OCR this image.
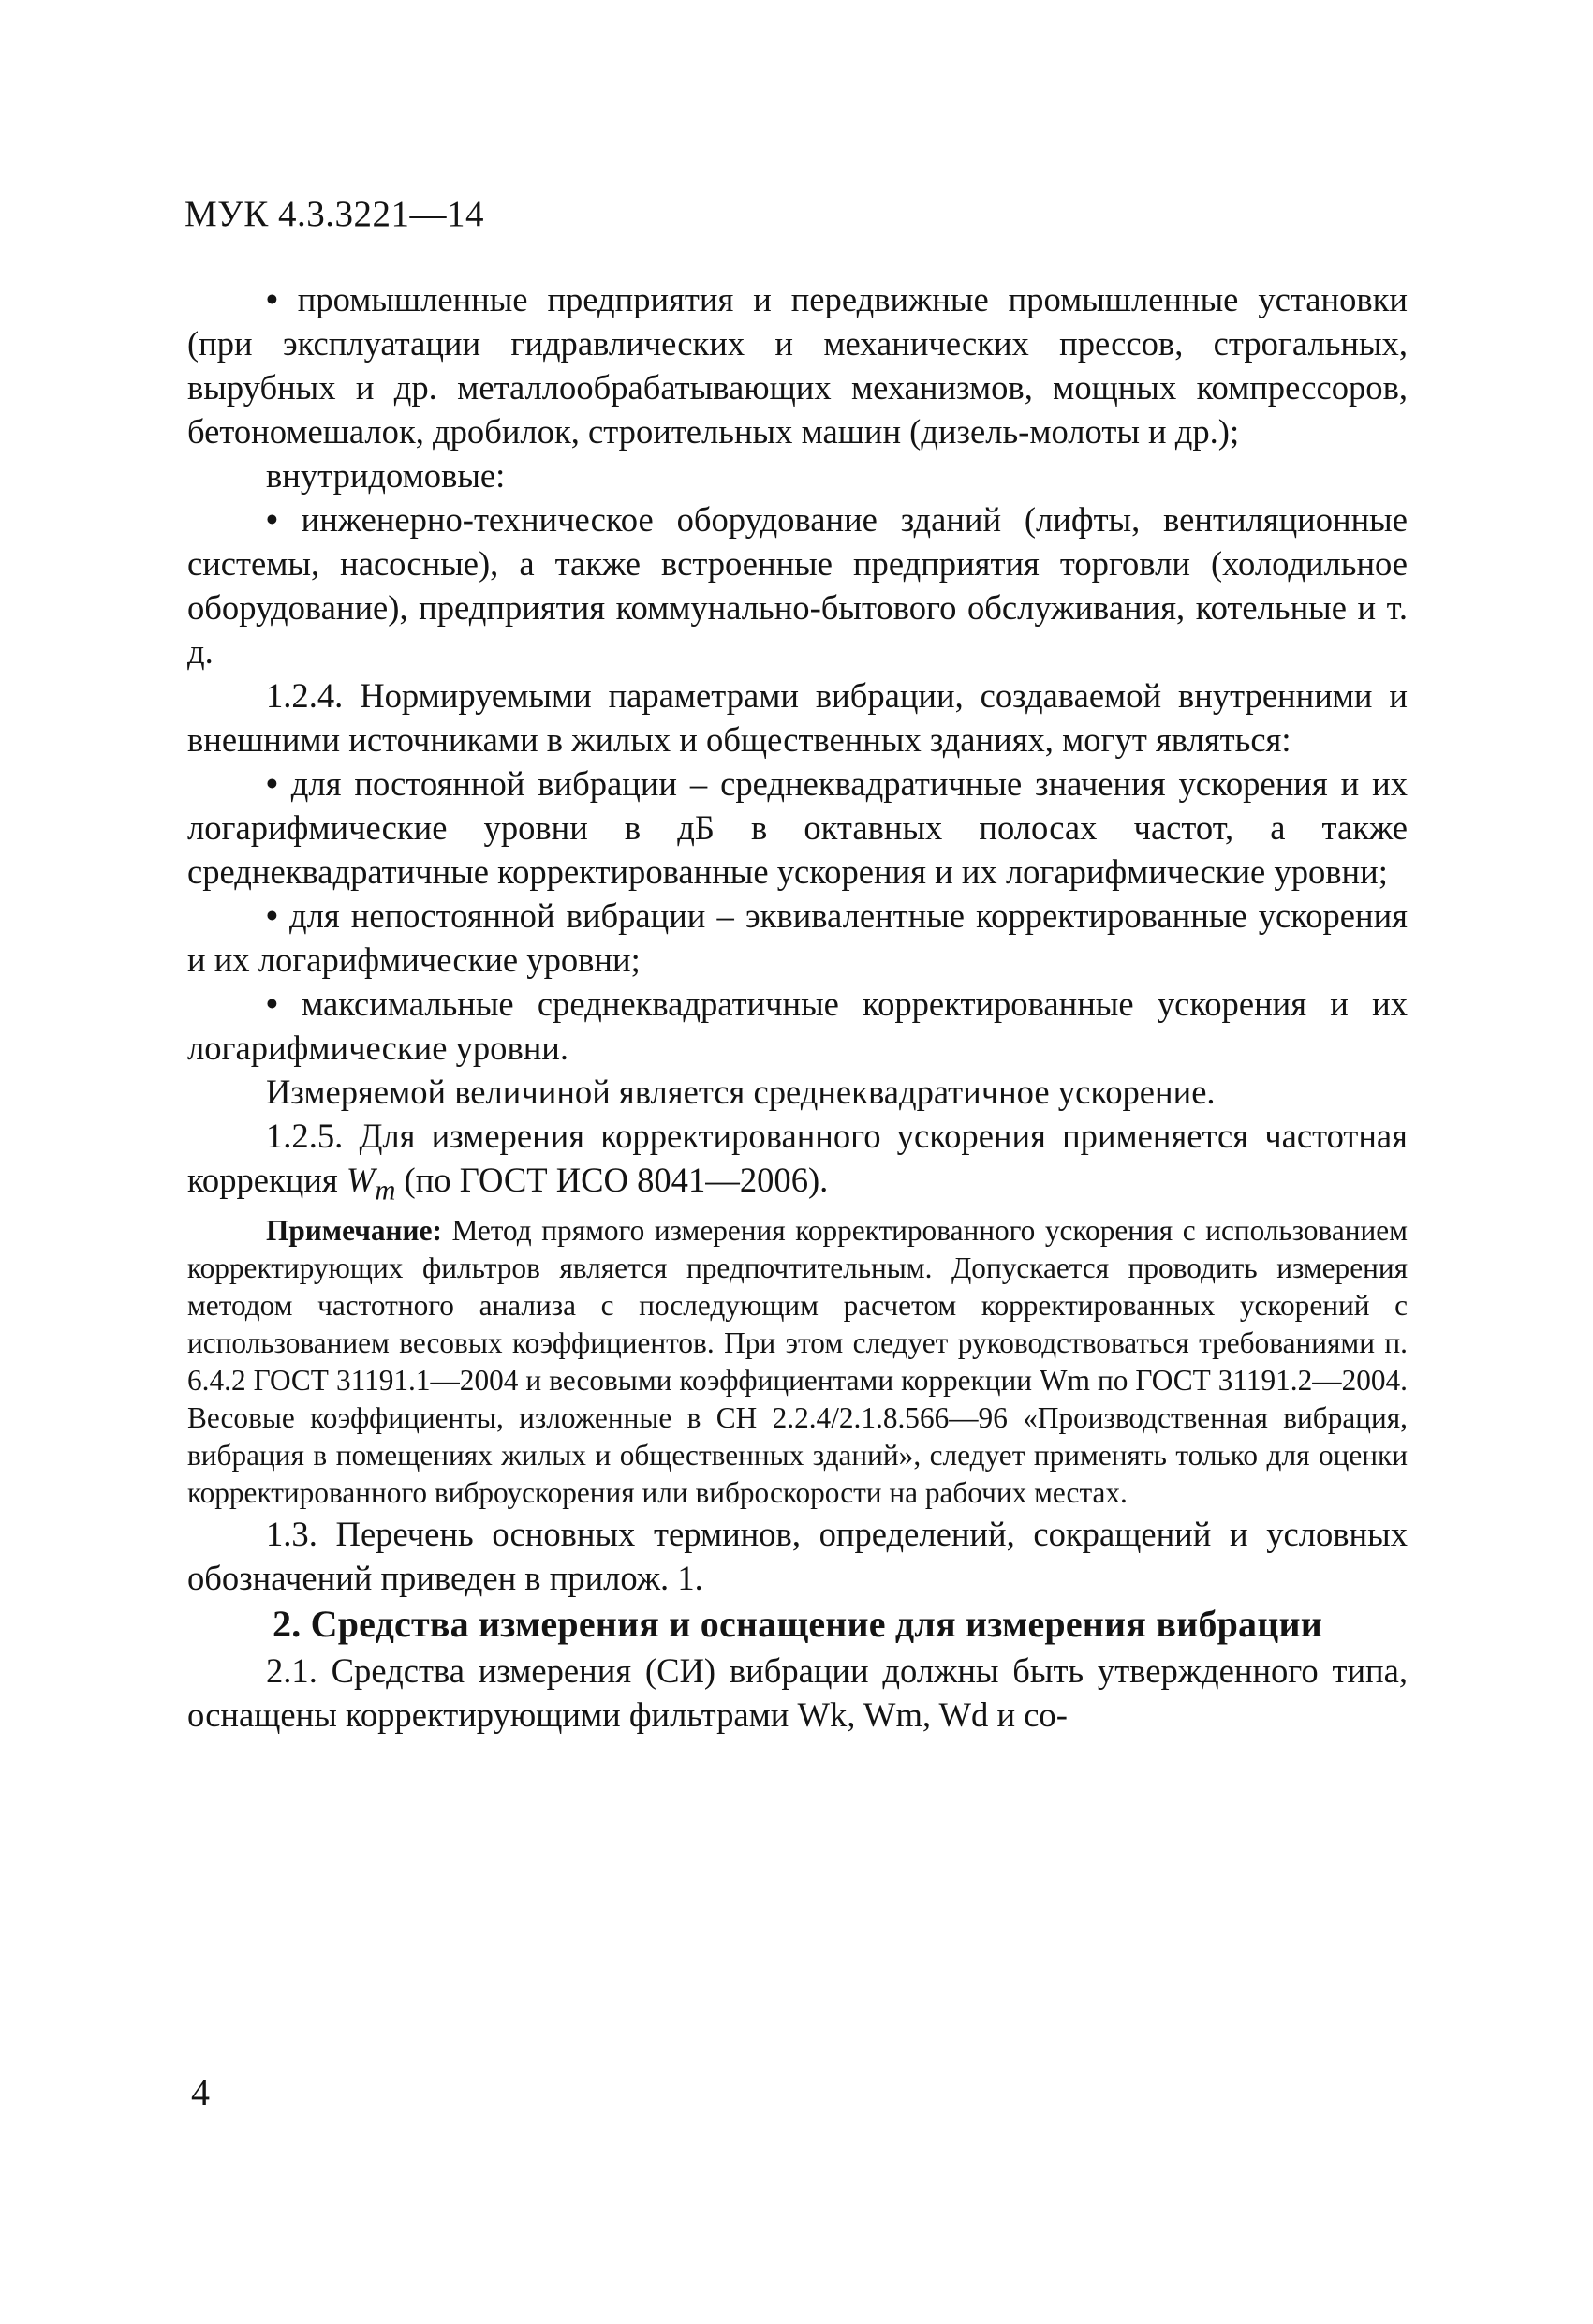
МУК 4.3.3221—14

• промышленные предприятия и передвижные промышленные установки (при эксплуатации гидравлических и механических прессов, строгальных, вырубных и др. металлообрабатывающих механизмов, мощных компрессоров, бетономешалок, дробилок, строительных машин (дизель-молоты и др.);

внутридомовые:

• инженерно-техническое оборудование зданий (лифты, вентиляционные системы, насосные), а также встроенные предприятия торговли (холодильное оборудование), предприятия коммунально-бытового обслуживания, котельные и т. д.

1.2.4. Нормируемыми параметрами вибрации, создаваемой внутренними и внешними источниками в жилых и общественных зданиях, могут являться:

• для постоянной вибрации – среднеквадратичные значения ускорения и их логарифмические уровни в дБ в октавных полосах частот, а также среднеквадратичные корректированные ускорения и их логарифмические уровни;

• для непостоянной вибрации – эквивалентные корректированные ускорения и их логарифмические уровни;

• максимальные среднеквадратичные корректированные ускорения и их логарифмические уровни.

Измеряемой величиной является среднеквадратичное ускорение.

1.2.5. Для измерения корректированного ускорения применяется частотная коррекция $W_m$ (по ГОСТ ИСО 8041—2006).

Примечание: Метод прямого измерения корректированного ускорения с использованием корректирующих фильтров является предпочтительным. Допускается проводить измерения методом частотного анализа с последующим расчетом корректированных ускорений с использованием весовых коэффициентов. При этом следует руководствоваться требованиями п. 6.4.2 ГОСТ 31191.1—2004 и весовыми коэффициентами коррекции Wm по ГОСТ 31191.2—2004. Весовые коэффициенты, изложенные в СН 2.2.4/2.1.8.566—96 «Производственная вибрация, вибрация в помещениях жилых и общественных зданий», следует применять только для оценки корректированного виброускорения или виброскорости на рабочих местах.

1.3. Перечень основных терминов, определений, сокращений и условных обозначений приведен в прилож. 1.

2. Средства измерения и оснащение для измерения вибрации

2.1. Средства измерения (СИ) вибрации должны быть утвержденного типа, оснащены корректирующими фильтрами Wk, Wm, Wd и со-

4
